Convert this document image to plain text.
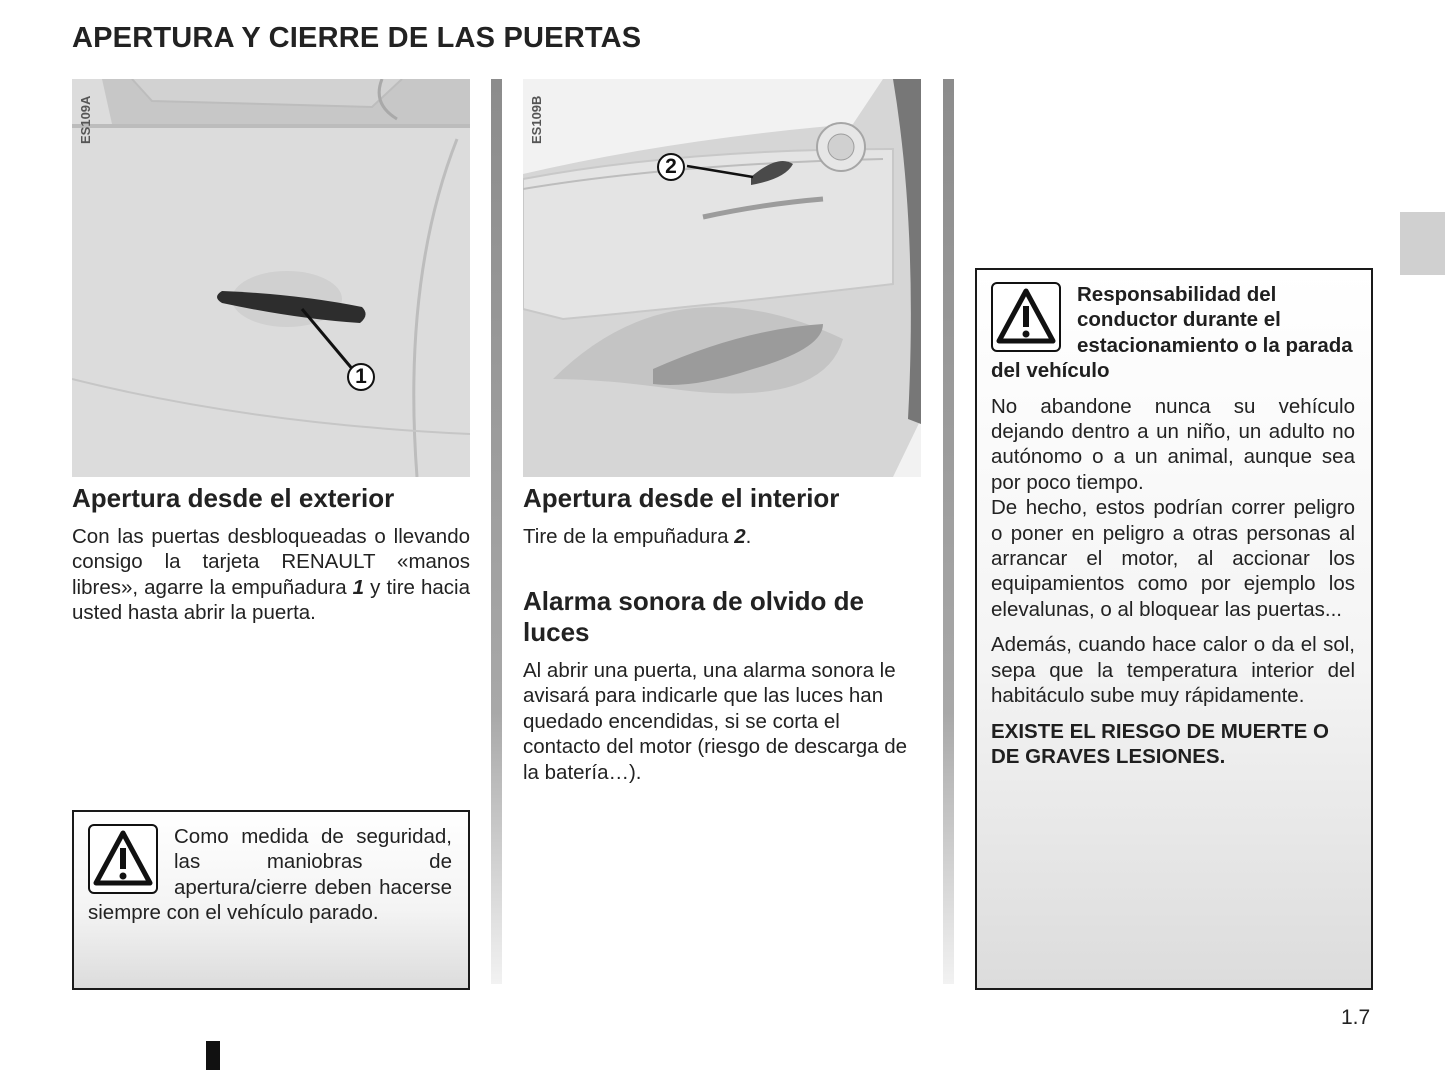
APERTURA Y CIERRE DE LAS PUERTAS
ES109A
1
ES109B
2
Apertura desde el exterior

Con las puertas desbloqueadas o llevando consigo la tarjeta RENAULT «manos libres», agarre la empuñadura 1 y tire hacia usted hasta abrir la puerta.

Como medida de seguridad, las maniobras de apertura/cierre deben hacerse siempre con el vehículo parado.

Apertura desde el interior

Tire de la empuñadura 2.

Alarma sonora de olvido de luces

Al abrir una puerta, una alarma sonora le avisará para indicarle que las luces han quedado encendidas, si se corta el contacto del motor (riesgo de descarga de la batería…).

Responsabilidad del conductor durante el estacionamiento o la parada del vehículo

No abandone nunca su vehículo dejando dentro a un niño, un adulto no autónomo o a un animal, aunque sea por poco tiempo.

De hecho, estos podrían correr peligro o poner en peligro a otras personas al arrancar el motor, al accionar los equipamientos como por ejemplo los elevalunas, o al bloquear las puertas...

Además, cuando hace calor o da el sol, sepa que la temperatura interior del habitáculo sube muy rápidamente.

EXISTE EL RIESGO DE MUERTE O DE GRAVES LESIONES.

1.7
